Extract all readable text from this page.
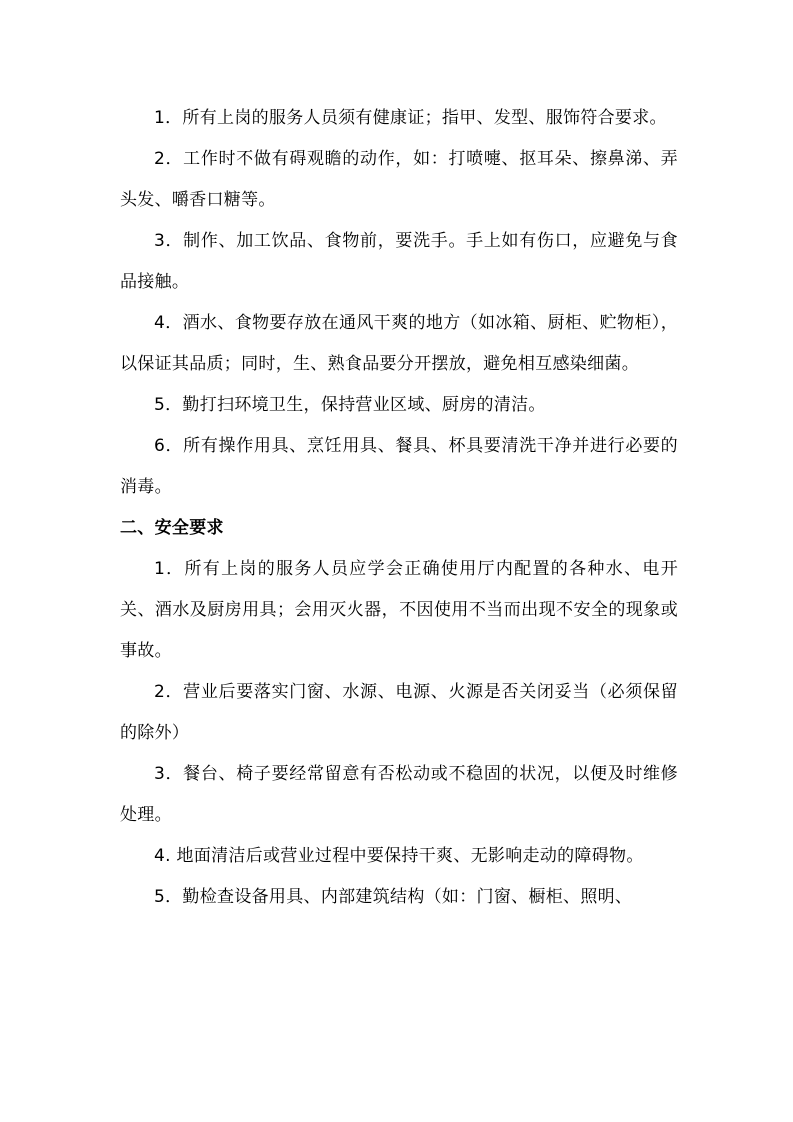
1．所有上岗的服务人员须有健康证；指甲、发型、服饰符合要求。

2．工作时不做有碍观瞻的动作，如：打喷嚏、抠耳朵、擦鼻涕、弄头发、嚼香口糖等。

3．制作、加工饮品、食物前，要洗手。手上如有伤口，应避免与食品接触。

4．酒水、食物要存放在通风干爽的地方（如冰箱、厨柜、贮物柜），以保证其品质；同时，生、熟食品要分开摆放，避免相互感染细菌。

5．勤打扫环境卫生，保持营业区域、厨房的清洁。

6．所有操作用具、烹饪用具、餐具、杯具要清洗干净并进行必要的消毒。

二、安全要求

1．所有上岗的服务人员应学会正确使用厅内配置的各种水、电开关、酒水及厨房用具；会用灭火器，不因使用不当而出现不安全的现象或事故。

2．营业后要落实门窗、水源、电源、火源是否关闭妥当（必须保留的除外）

3．餐台、椅子要经常留意有否松动或不稳固的状况，以便及时维修处理。

4. 地面清洁后或营业过程中要保持干爽、无影响走动的障碍物。

5．勤检查设备用具、内部建筑结构（如：门窗、橱柜、照明、
